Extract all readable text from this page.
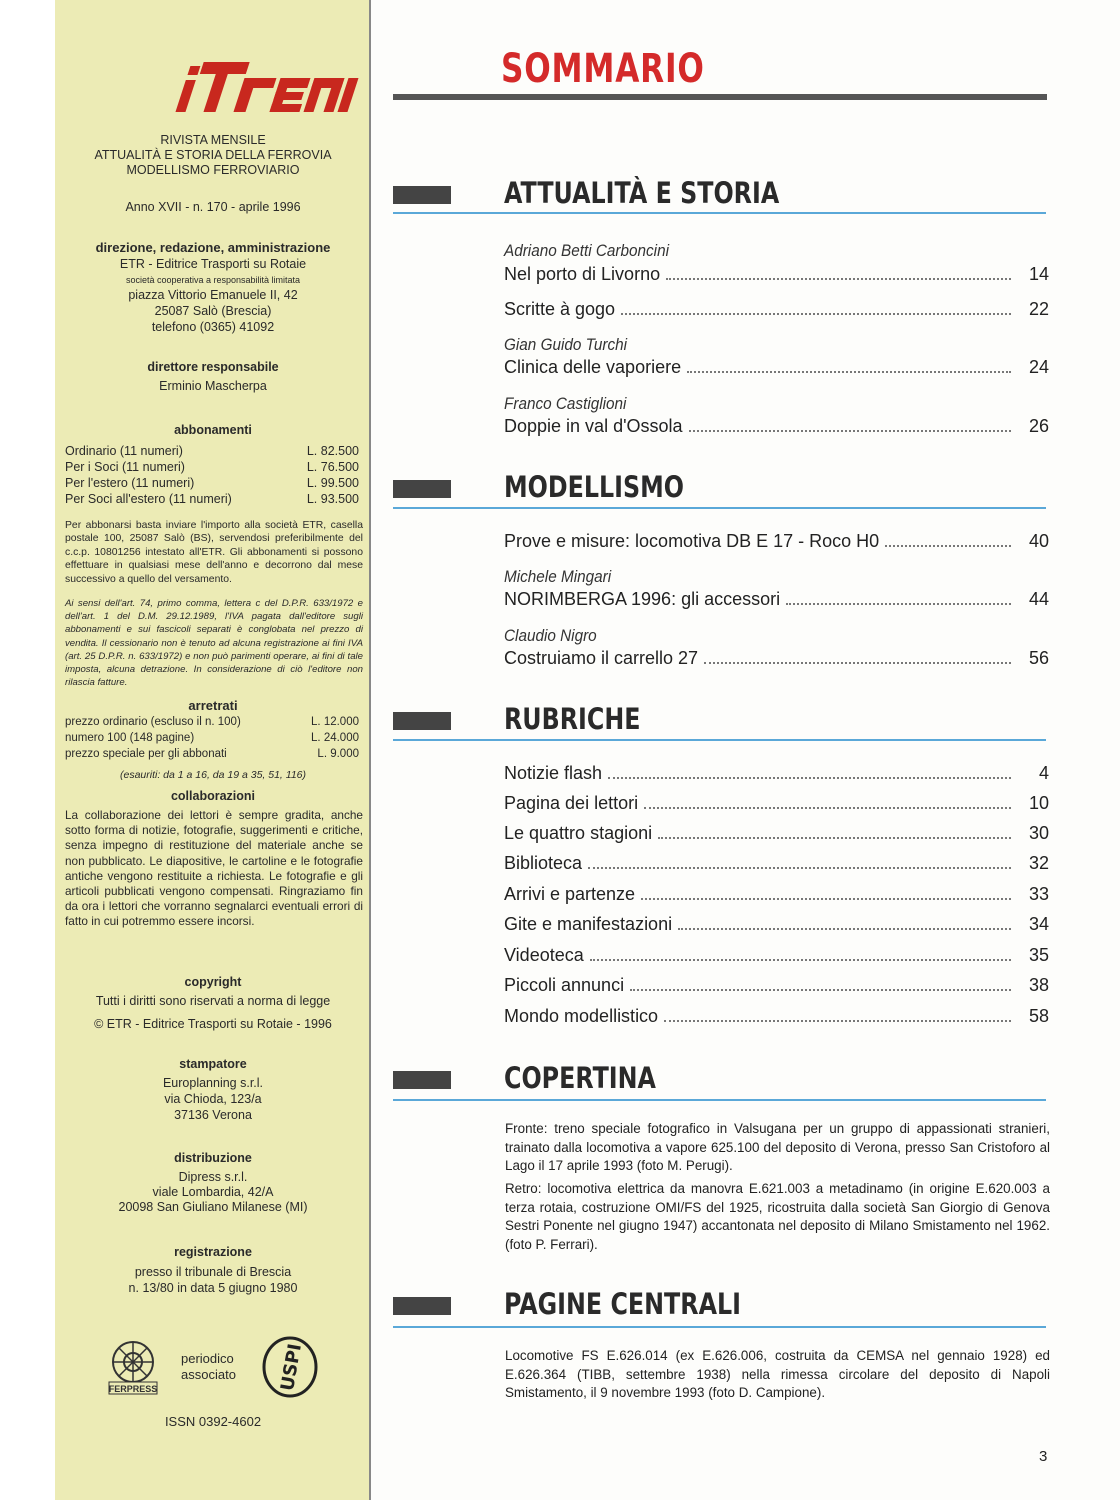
RIVISTA MENSILE
ATTUALITÀ E STORIA DELLA FERROVIA
MODELLISMO FERROVIARIO
Anno XVII - n. 170 - aprile 1996
direzione, redazione, amministrazione
ETR - Editrice Trasporti su Rotaie
società cooperativa a responsabilità limitata
piazza Vittorio Emanuele II, 42
25087 Salò (Brescia)
telefono (0365) 41092
direttore responsabile
Erminio Mascherpa
abbonamenti
Ordinario (11 numeri)	L. 82.500
Per i Soci (11 numeri)	L. 76.500
Per l'estero (11 numeri)	L. 99.500
Per Soci all'estero (11 numeri)	L. 93.500
Per abbonarsi basta inviare l'importo alla società ETR, casella postale 100, 25087 Salò (BS), servendosi preferibilmente del c.c.p. 10801256 intestato all'ETR. Gli abbonamenti si possono effettuare in qualsiasi mese dell'anno e decorrono dal mese successivo a quello del versamento.
Ai sensi dell'art. 74, primo comma, lettera c del D.P.R. 633/1972 e dell'art. 1 del D.M. 29.12.1989, l'IVA pagata dall'editore sugli abbonamenti e sui fascicoli separati è conglobata nel prezzo di vendita. Il cessionario non è tenuto ad alcuna registrazione ai fini IVA (art. 25 D.P.R. n. 633/1972) e non può parimenti operare, ai fini di tale imposta, alcuna detrazione. In considerazione di ciò l'editore non rilascia fatture.
arretrati
prezzo ordinario (escluso il n. 100)	L. 12.000
numero 100 (148 pagine)	L. 24.000
prezzo speciale per gli abbonati	L. 9.000
(esauriti: da 1 a 16, da 19 a 35, 51, 116)
collaborazioni
La collaborazione dei lettori è sempre gradita, anche sotto forma di notizie, fotografie, suggerimenti e critiche, senza impegno di restituzione del materiale anche se non pubblicato. Le diapositive, le cartoline e le fotografie antiche vengono restituite a richiesta. Le fotografie e gli articoli pubblicati vengono compensati. Ringraziamo fin da ora i lettori che vorranno segnalarci eventuali errori di fatto in cui potremmo essere incorsi.
copyright
Tutti i diritti sono riservati a norma di legge
© ETR - Editrice Trasporti su Rotaie - 1996
stampatore
Europlanning s.r.l.
via Chioda, 123/a
37136 Verona
distribuzione
Dipress s.r.l.
viale Lombardia, 42/A
20098 San Giuliano Milanese (MI)
registrazione
presso il tribunale di Brescia
n. 13/80 in data 5 giugno 1980
FERPRESS
periodico
associato USPI
ISSN 0392-4602
SOMMARIO
ATTUALITÀ E STORIA
Adriano Betti Carboncini
Nel porto di Livorno	14
Scritte à gogo	22
Gian Guido Turchi
Clinica delle vaporiere	24
Franco Castiglioni
Doppie in val d'Ossola	26
MODELLISMO
Prove e misure: locomotiva DB E 17 - Roco H0	40
Michele Mingari
NORIMBERGA 1996: gli accessori	44
Claudio Nigro
Costruiamo il carrello 27	56
RUBRICHE
Notizie flash	4
Pagina dei lettori	10
Le quattro stagioni	30
Biblioteca	32
Arrivi e partenze	33
Gite e manifestazioni	34
Videoteca	35
Piccoli annunci	38
Mondo modellistico	58
COPERTINA
Fronte: treno speciale fotografico in Valsugana per un gruppo di appassionati stranieri, trainato dalla locomotiva a vapore 625.100 del deposito di Verona, presso San Cristoforo al Lago il 17 aprile 1993 (foto M. Perugi).
Retro: locomotiva elettrica da manovra E.621.003 a metadinamo (in origine E.620.003 a terza rotaia, costruzione OMI/FS del 1925, ricostruita dalla società San Giorgio di Genova Sestri Ponente nel giugno 1947) accantonata nel deposito di Milano Smistamento nel 1962. (foto P. Ferrari).
PAGINE CENTRALI
Locomotive FS E.626.014 (ex E.626.006, costruita da CEMSA nel gennaio 1928) ed E.626.364 (TIBB, settembre 1938) nella rimessa circolare del deposito di Napoli Smistamento, il 9 novembre 1993 (foto D. Campione).
3
